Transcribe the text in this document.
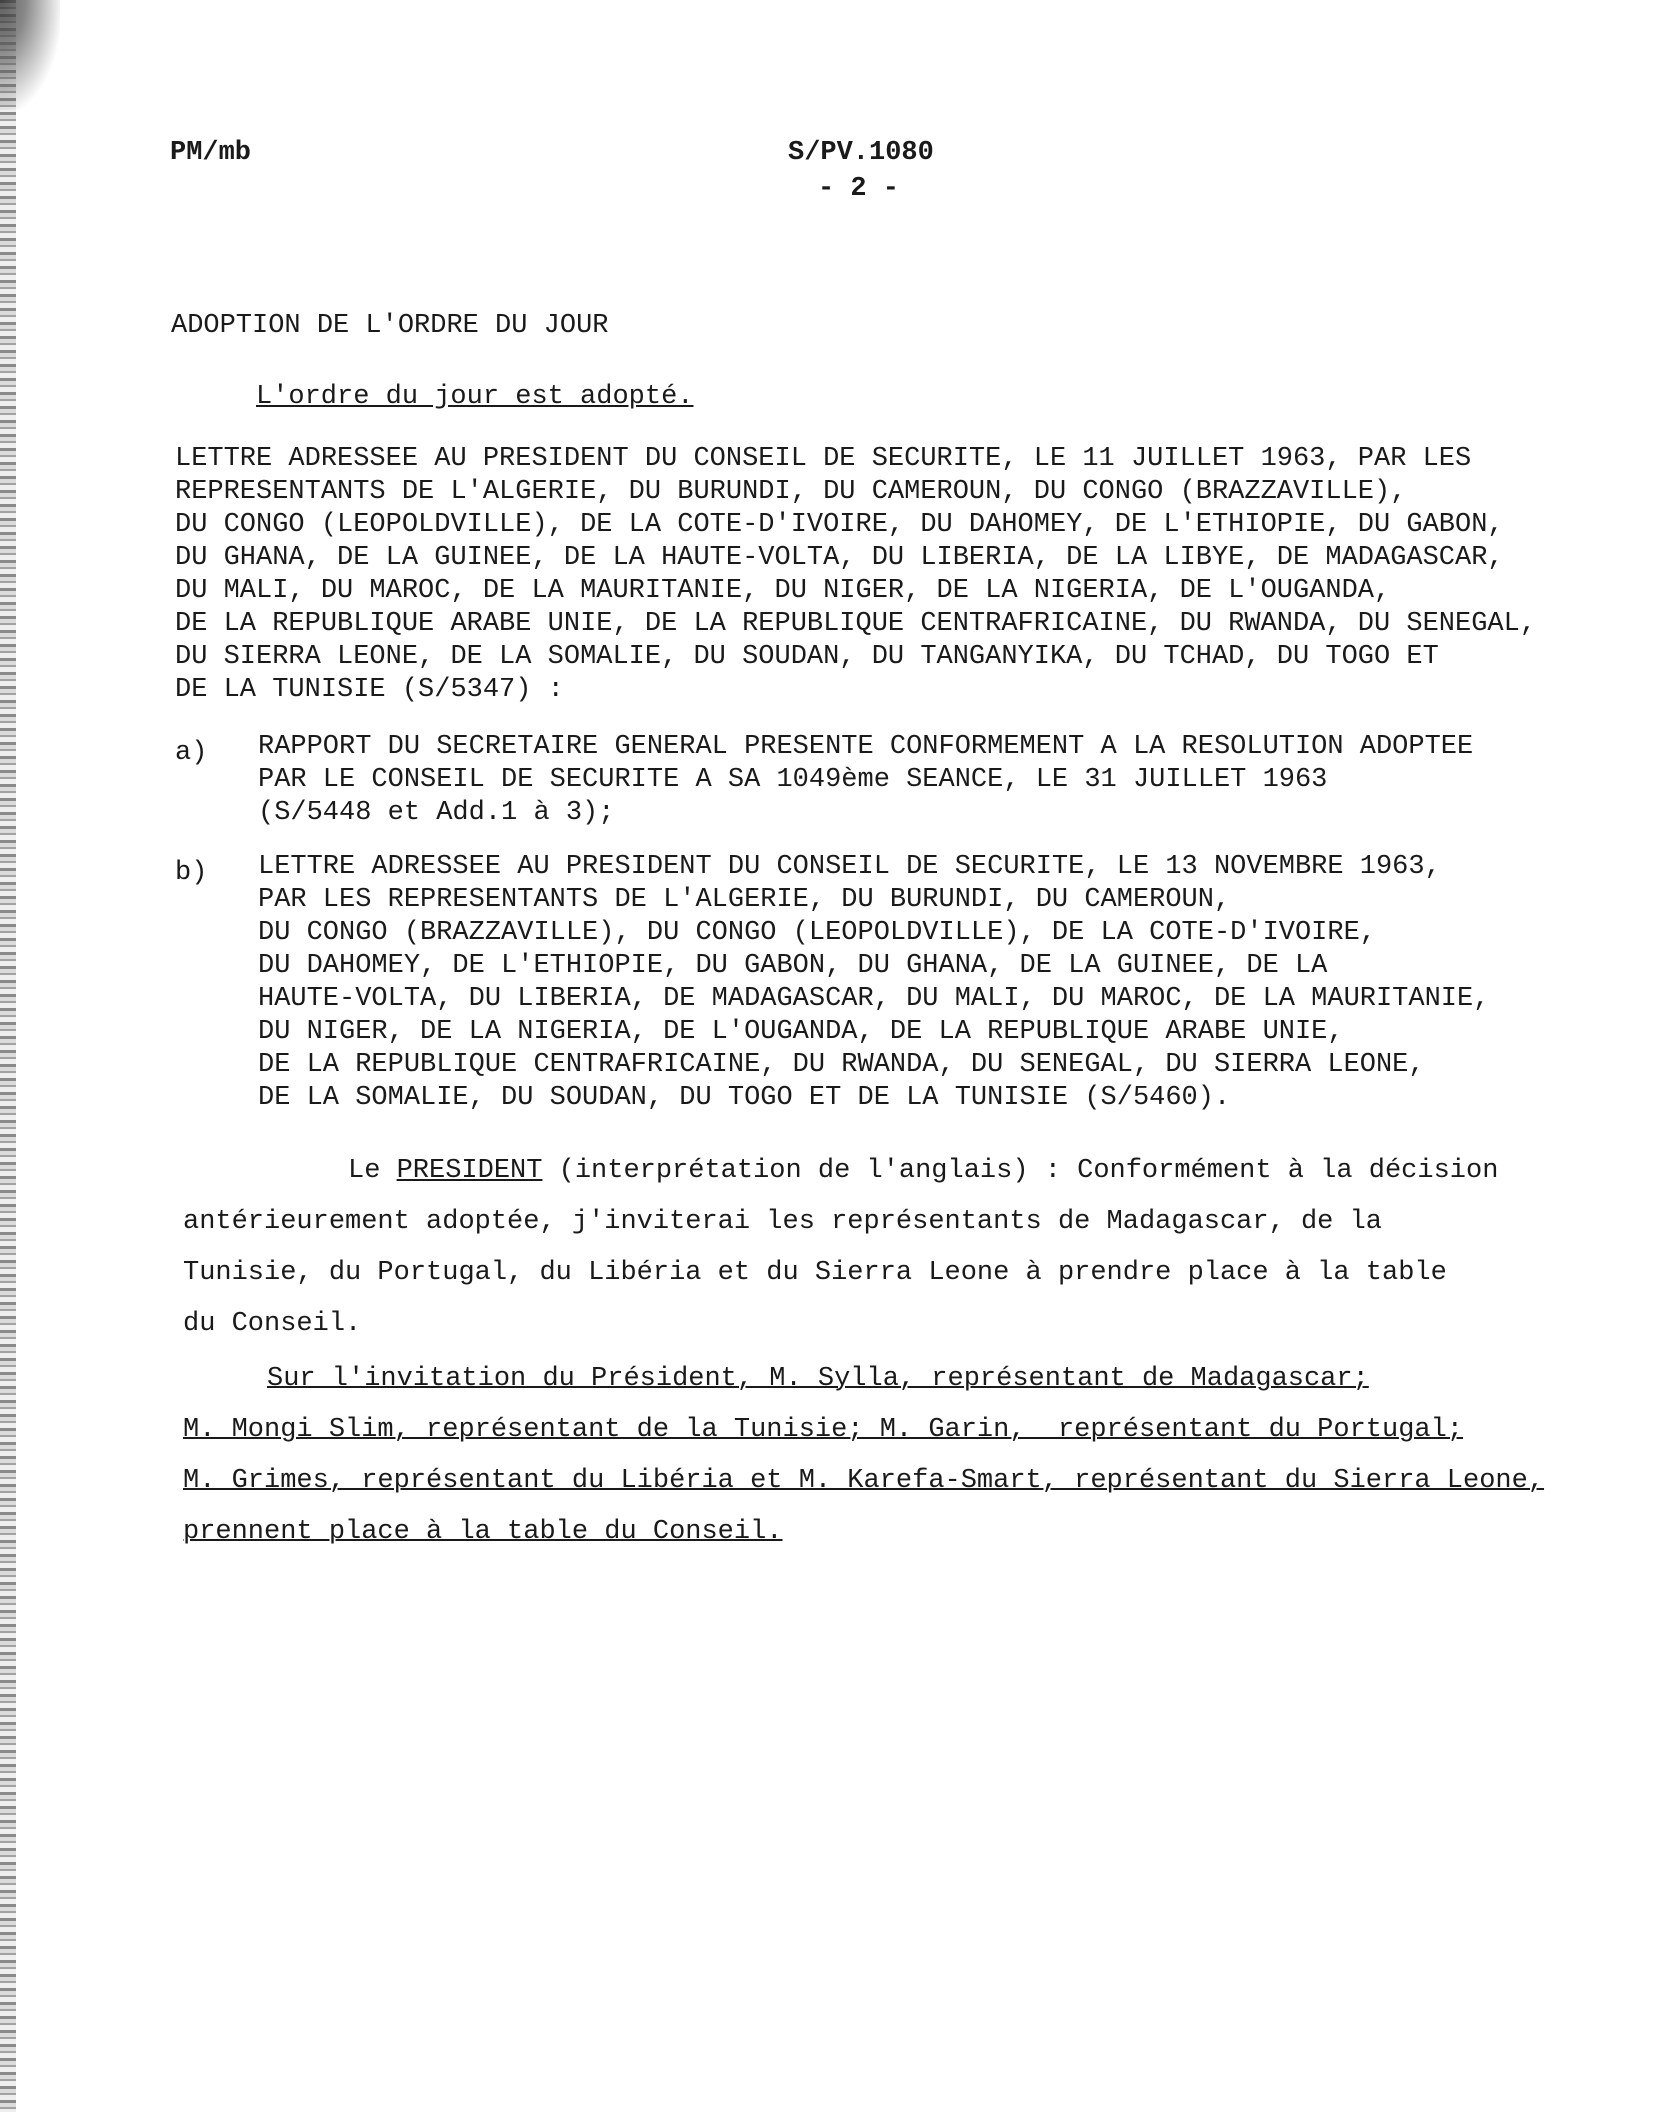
PM/mb	S/PV.1080
- 2 -
ADOPTION DE L'ORDRE DU JOUR
L'ordre du jour est adopté.
LETTRE ADRESSEE AU PRESIDENT DU CONSEIL DE SECURITE, LE 11 JUILLET 1963, PAR LES
REPRESENTANTS DE L'ALGERIE, DU BURUNDI, DU CAMEROUN, DU CONGO (BRAZZAVILLE),
DU CONGO (LEOPOLDVILLE), DE LA COTE-D'IVOIRE, DU DAHOMEY, DE L'ETHIOPIE, DU GABON,
DU GHANA, DE LA GUINEE, DE LA HAUTE-VOLTA, DU LIBERIA, DE LA LIBYE, DE MADAGASCAR,
DU MALI, DU MAROC, DE LA MAURITANIE, DU NIGER, DE LA NIGERIA, DE L'OUGANDA,
DE LA REPUBLIQUE ARABE UNIE, DE LA REPUBLIQUE CENTRAFRICAINE, DU RWANDA, DU SENEGAL,
DU SIERRA LEONE, DE LA SOMALIE, DU SOUDAN, DU TANGANYIKA, DU TCHAD, DU TOGO ET
DE LA TUNISIE (S/5347) :
a) RAPPORT DU SECRETAIRE GENERAL PRESENTE CONFORMEMENT A LA RESOLUTION ADOPTEE
PAR LE CONSEIL DE SECURITE A SA 1049ème SEANCE, LE 31 JUILLET 1963
(S/5448 et Add.1 à 3);
b) LETTRE ADRESSEE AU PRESIDENT DU CONSEIL DE SECURITE, LE 13 NOVEMBRE 1963,
PAR LES REPRESENTANTS DE L'ALGERIE, DU BURUNDI, DU CAMEROUN,
DU CONGO (BRAZZAVILLE), DU CONGO (LEOPOLDVILLE), DE LA COTE-D'IVOIRE,
DU DAHOMEY, DE L'ETHIOPIE, DU GABON, DU GHANA, DE LA GUINEE, DE LA
HAUTE-VOLTA, DU LIBERIA, DE MADAGASCAR, DU MALI, DU MAROC, DE LA MAURITANIE,
DU NIGER, DE LA NIGERIA, DE L'OUGANDA, DE LA REPUBLIQUE ARABE UNIE,
DE LA REPUBLIQUE CENTRAFRICAINE, DU RWANDA, DU SENEGAL, DU SIERRA LEONE,
DE LA SOMALIE, DU SOUDAN, DU TOGO ET DE LA TUNISIE (S/5460).
Le PRESIDENT (interprétation de l'anglais) : Conformément à la décision
antérieurement adoptée, j'inviterai les représentants de Madagascar, de la
Tunisie, du Portugal, du Libéria et du Sierra Leone à prendre place à la table
du Conseil.
Sur l'invitation du Président, M. Sylla, représentant de Madagascar;
M. Mongi Slim, représentant de la Tunisie; M. Garin,  représentant du Portugal;
M. Grimes, représentant du Libéria et M. Karefa-Smart, représentant du Sierra Leone,
prennent place à la table du Conseil.
